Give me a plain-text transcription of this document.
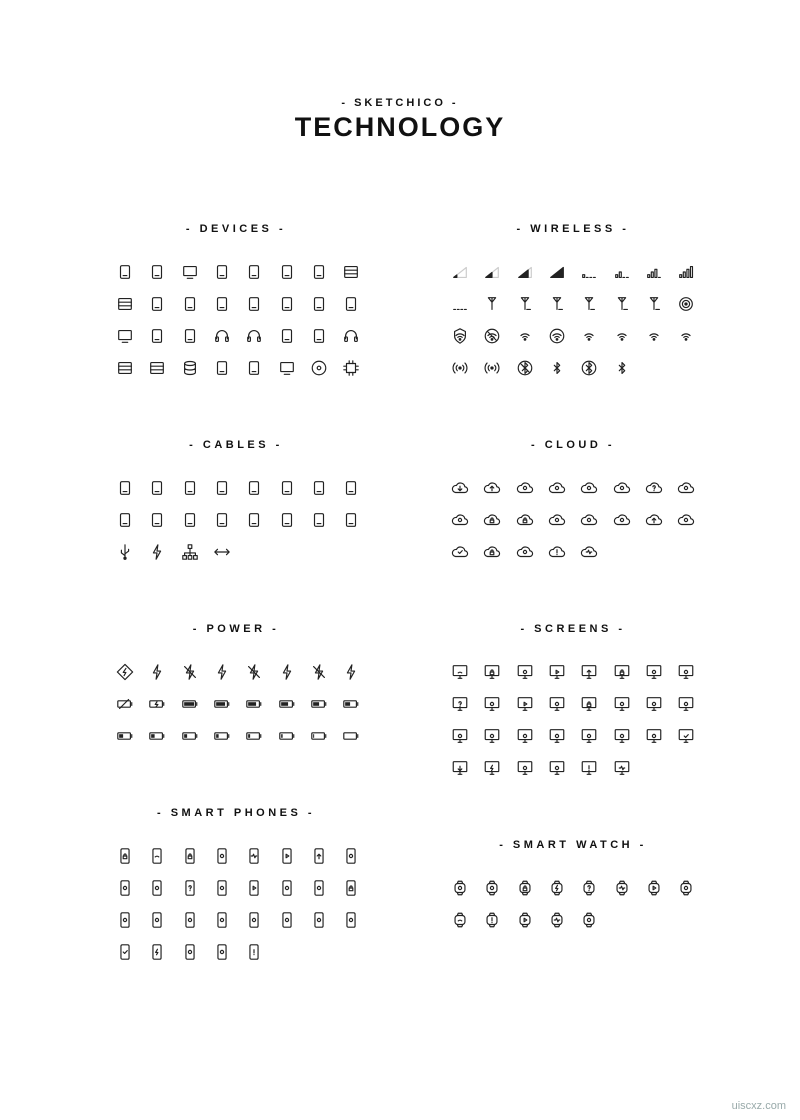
- SKETCHICO -
TECHNOLOGY
- DEVICES -	- WIRELESS -
- CABLES -	- CLOUD -
- POWER -	- SCREENS -
- SMART PHONES -
- SMART WATCH -
uiscxz.com
